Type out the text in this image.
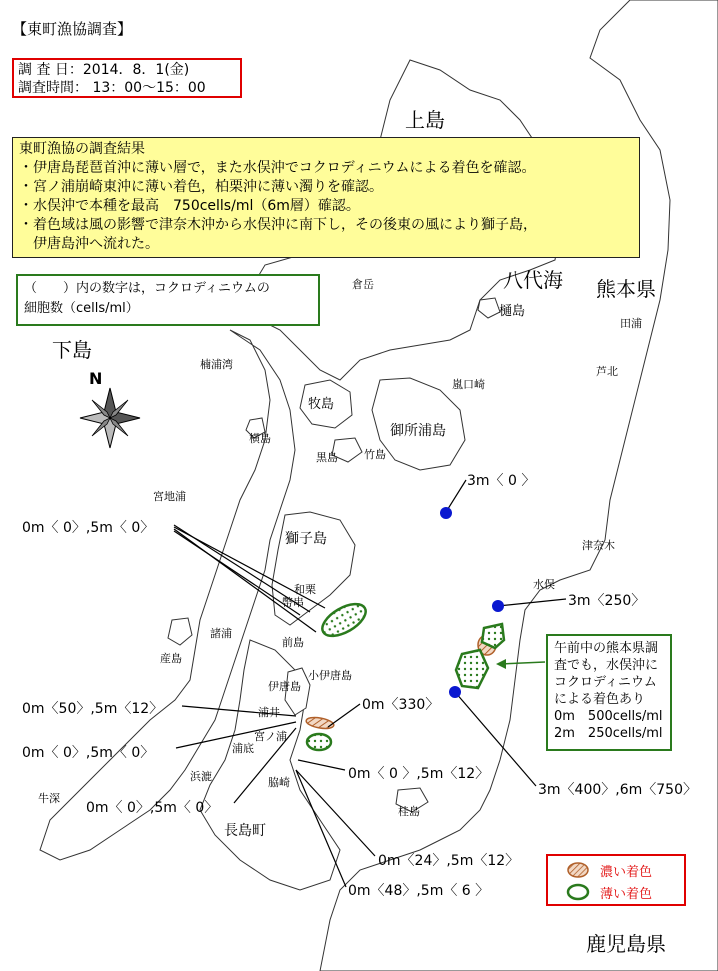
【東町漁協調査】
調 査 日：2014．8．1(金)
調査時間： 13：00～15：00
東町漁協の調査結果
・伊唐島琵琶首沖に薄い層で，また水俣沖でコクロディニウムによる着色を確認。
・宮ノ浦崩崎東沖に薄い着色，柏栗沖に薄い濁りを確認。
・水俣沖で本種を最高　750cells/ml（6m層）確認。
・着色域は風の影響で津奈木沖から水俣沖に南下し，その後東の風により獅子島，
　伊唐島沖へ流れた。
（　　）内の数字は，コクロディニウムの
細胞数（cells/ml）
午前中の熊本県調
査でも，水俣沖に
コクロディニウム
による着色あり
0m　500cells/ml
2m　250cells/ml
濃い着色
薄い着色
上島
下島
八代海 熊本県
鹿児島県
長島町
獅子島
御所浦島
牧島
小伊唐島
伊唐島
倉岳
樋島
田浦
芦北
嵐口崎
黒島 竹島
横島
楠浦湾
宮地浦
津奈木
水俣
和栗
幣串
前島
諸浦
産島
浦井
宮ノ浦
浦底
浜漉	脇崎
牛深
桂島
N
0m〈 0〉,5m〈 0〉
3m〈 0 〉
3m〈250〉
0m〈50〉,5m〈12〉	0m〈330〉
0m〈 0〉,5m〈 0〉
0m〈 0 〉,5m〈12〉
0m〈 0〉,5m〈 0〉
3m〈400〉,6m〈750〉
0m〈24〉,5m〈12〉
0m〈48〉,5m〈 6 〉
